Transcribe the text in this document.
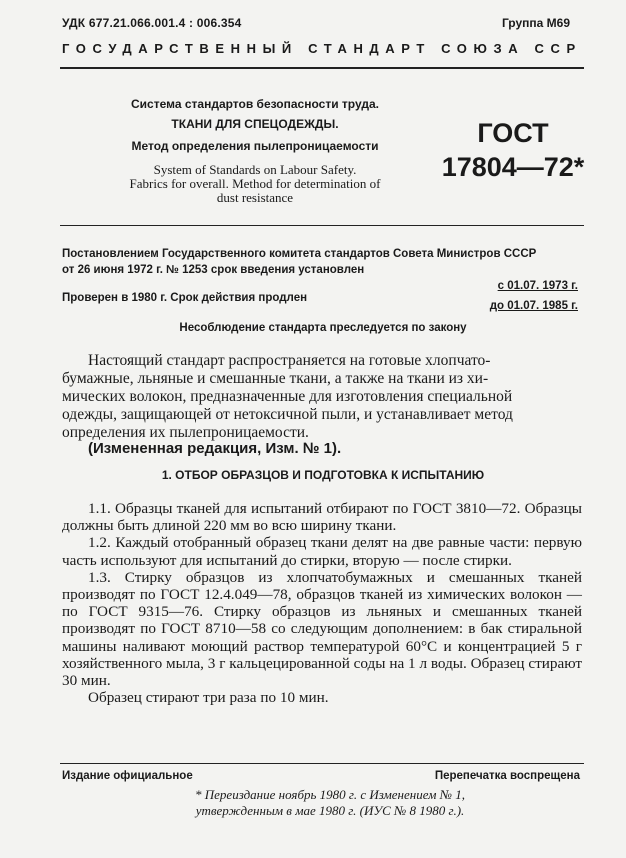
УДК 677.21.066.001.4 : 006.354	Группа М69
ГОСУДАРСТВЕННЫЙ СТАНДАРТ СОЮЗА ССР
Система стандартов безопасности труда.
ТКАНИ ДЛЯ СПЕЦОДЕЖДЫ.
Метод определения пылепроницаемости
System of Standards on Labour Safety.
Fabrics for overall. Method for determination of
dust resistance
ГОСТ
17804—72*
Постановлением Государственного комитета стандартов Совета Министров СССР
от 26 июня 1972 г. № 1253 срок введения установлен
с 01.07. 1973 г.
до 01.07. 1985 г.
Проверен в 1980 г. Срок действия продлен
Несоблюдение стандарта преследуется по закону
Настоящий стандарт распространяется на готовые хлопчато-
бумажные, льняные и смешанные ткани, а также на ткани из хи-
мических волокон, предназначенные для изготовления специальной
одежды, защищающей от нетоксичной пыли, и устанавливает метод
определения их пылепроницаемости.
(Измененная редакция, Изм. № 1).
1. ОТБОР ОБРАЗЦОВ И ПОДГОТОВКА К ИСПЫТАНИЮ

1.1. Образцы тканей для испытаний отбирают по ГОСТ 3810—72. Образцы должны быть длиной 220 мм во всю ширину ткани.

1.2. Каждый отобранный образец ткани делят на две равные части: первую часть используют для испытаний до стирки, вторую — после стирки.

1.3. Стирку образцов из хлопчатобумажных и смешанных тканей производят по ГОСТ 12.4.049—78, образцов тканей из химических волокон — по ГОСТ 9315—76. Стирку образцов из льняных и смешанных тканей производят по ГОСТ 8710—58 со следующим дополнением: в бак стиральной машины наливают моющий раствор температурой 60°С и концентрацией 5 г хозяйственного мыла, 3 г кальцецированной соды на 1 л воды. Образец стирают 30 мин.

Образец стирают три раза по 10 мин.

Издание официальное	Перепечатка воспрещена
* Переиздание ноябрь 1980 г. с Изменением № 1,
утвержденным в мае 1980 г. (ИУС № 8 1980 г.).
